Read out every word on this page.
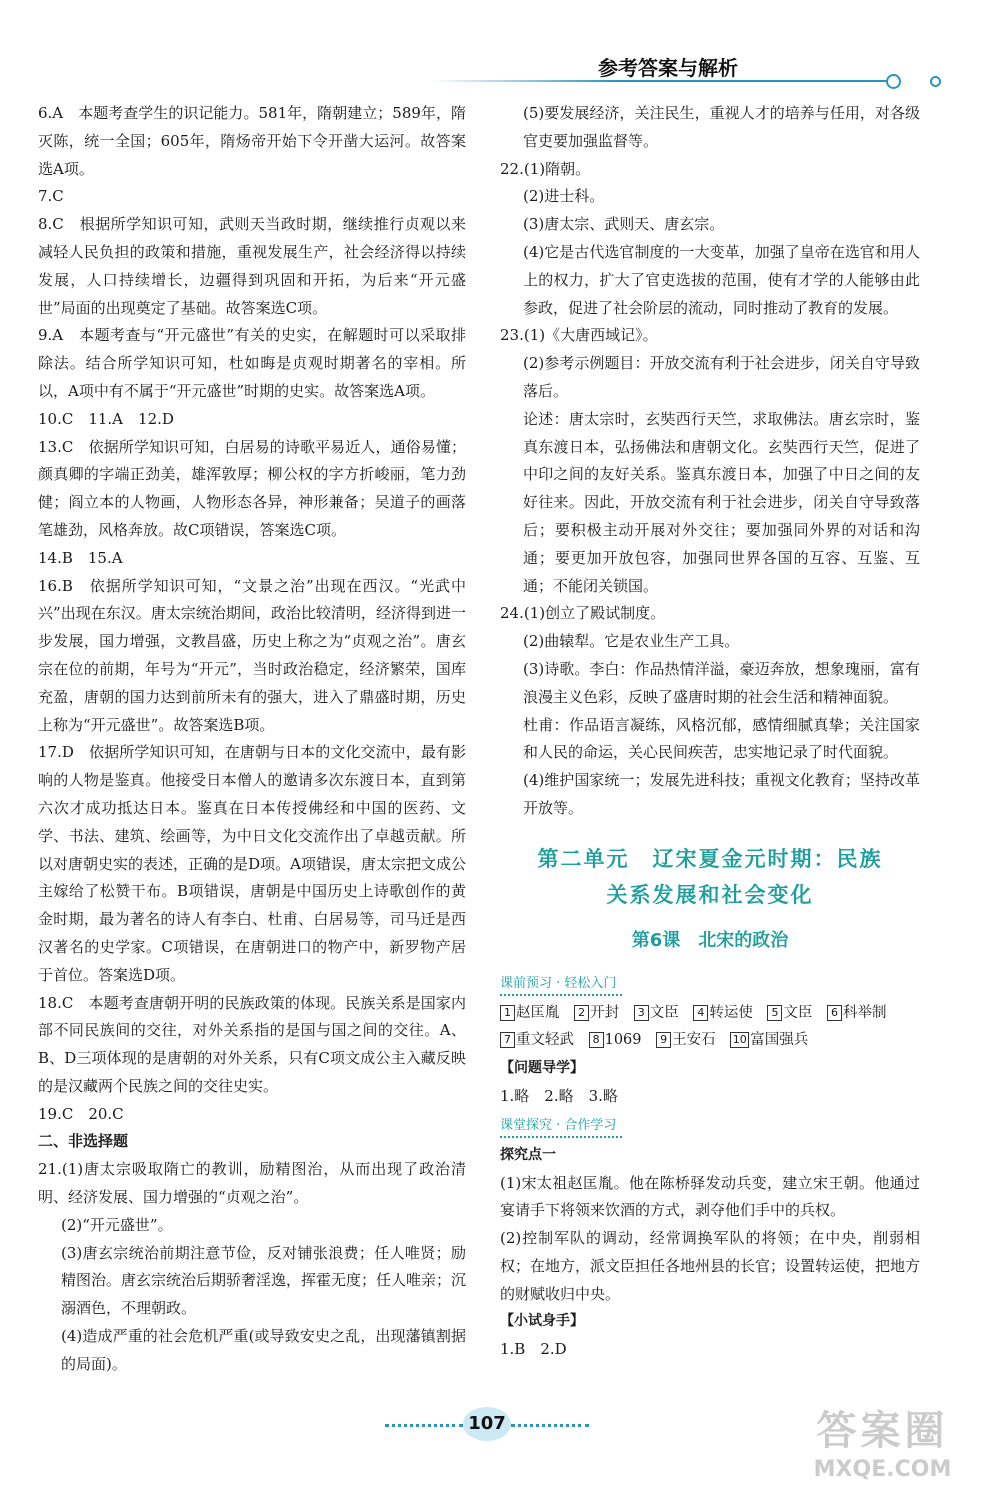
参考答案与解析

6.A　本题考查学生的识记能力。581年，隋朝建立；589年，隋灭陈，统一全国；605年，隋炀帝开始下令开凿大运河。故答案选A项。

7.C

8.C　根据所学知识可知，武则天当政时期，继续推行贞观以来减轻人民负担的政策和措施，重视发展生产，社会经济得以持续发展，人口持续增长，边疆得到巩固和开拓，为后来“开元盛世”局面的出现奠定了基础。故答案选C项。

9.A　本题考查与“开元盛世”有关的史实，在解题时可以采取排除法。结合所学知识可知，杜如晦是贞观时期著名的宰相。所以，A项中有不属于“开元盛世”时期的史实。故答案选A项。

10.C　11.A　12.D

13.C　依据所学知识可知，白居易的诗歌平易近人，通俗易懂；颜真卿的字端正劲美，雄浑敦厚；柳公权的字方折峻丽，笔力劲健；阎立本的人物画，人物形态各异，神形兼备；吴道子的画落笔雄劲，风格奔放。故C项错误，答案选C项。

14.B　15.A

16.B　依据所学知识可知，“文景之治”出现在西汉。“光武中兴”出现在东汉。唐太宗统治期间，政治比较清明，经济得到进一步发展，国力增强，文教昌盛，历史上称之为“贞观之治”。唐玄宗在位的前期，年号为“开元”，当时政治稳定，经济繁荣，国库充盈，唐朝的国力达到前所未有的强大，进入了鼎盛时期，历史上称为“开元盛世”。故答案选B项。

17.D　依据所学知识可知，在唐朝与日本的文化交流中，最有影响的人物是鉴真。他接受日本僧人的邀请多次东渡日本，直到第六次才成功抵达日本。鉴真在日本传授佛经和中国的医药、文学、书法、建筑、绘画等，为中日文化交流作出了卓越贡献。所以对唐朝史实的表述，正确的是D项。A项错误，唐太宗把文成公主嫁给了松赞干布。B项错误，唐朝是中国历史上诗歌创作的黄金时期，最为著名的诗人有李白、杜甫、白居易等，司马迁是西汉著名的史学家。C项错误，在唐朝进口的物产中，新罗物产居于首位。答案选D项。

18.C　本题考查唐朝开明的民族政策的体现。民族关系是国家内部不同民族间的交往，对外关系指的是国与国之间的交往。A、B、D三项体现的是唐朝的对外关系，只有C项文成公主入藏反映的是汉藏两个民族之间的交往史实。

19.C　20.C

二、非选择题

21.(1)唐太宗吸取隋亡的教训，励精图治，从而出现了政治清明、经济发展、国力增强的“贞观之治”。

(2)“开元盛世”。

(3)唐玄宗统治前期注意节俭，反对铺张浪费；任人唯贤；励精图治。唐玄宗统治后期骄奢淫逸，挥霍无度；任人唯亲；沉溺酒色，不理朝政。

(4)造成严重的社会危机严重(或导致安史之乱，出现藩镇割据的局面)。

(5)要发展经济，关注民生，重视人才的培养与任用，对各级官吏要加强监督等。

22.(1)隋朝。

(2)进士科。

(3)唐太宗、武则天、唐玄宗。

(4)它是古代选官制度的一大变革，加强了皇帝在选官和用人上的权力，扩大了官吏选拔的范围，使有才学的人能够由此参政，促进了社会阶层的流动，同时推动了教育的发展。

23.(1)《大唐西域记》。

(2)参考示例题目：开放交流有利于社会进步，闭关自守导致落后。

论述：唐太宗时，玄奘西行天竺，求取佛法。唐玄宗时，鉴真东渡日本，弘扬佛法和唐朝文化。玄奘西行天竺，促进了中印之间的友好关系。鉴真东渡日本，加强了中日之间的友好往来。因此，开放交流有利于社会进步，闭关自守导致落后；要积极主动开展对外交往；要加强同外界的对话和沟通；要更加开放包容，加强同世界各国的互容、互鉴、互通；不能闭关锁国。

24.(1)创立了殿试制度。

(2)曲辕犁。它是农业生产工具。

(3)诗歌。李白：作品热情洋溢，豪迈奔放，想象瑰丽，富有浪漫主义色彩，反映了盛唐时期的社会生活和精神面貌。

杜甫：作品语言凝练，风格沉郁，感情细腻真挚；关注国家和人民的命运，关心民间疾苦，忠实地记录了时代面貌。

(4)维护国家统一；发展先进科技；重视文化教育；坚持改革开放等。

第二单元　辽宋夏金元时期：民族
关系发展和社会变化
第6课　北宋的政治
课前预习 · 轻松入门
1 赵匡胤 2 开封 3 文臣 4 转运使 5 文臣 6 科举制
7 重文轻武 8 1069 9 王安石 10 富国强兵

【问题导学】

1.略　2.略　3.略

课堂探究 · 合作学习

探究点一

(1)宋太祖赵匡胤。他在陈桥驿发动兵变，建立宋王朝。他通过宴请手下将领来饮酒的方式，剥夺他们手中的兵权。

(2)控制军队的调动，经常调换军队的将领；在中央，削弱相权；在地方，派文臣担任各地州县的长官；设置转运使，把地方的财赋收归中央。

【小试身手】

1.B　2.D

107	答案圈
MXQE.COM
